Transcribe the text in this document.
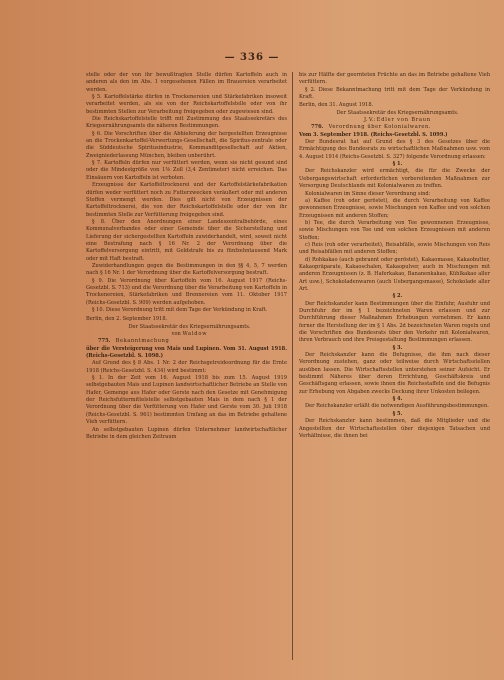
— 336 —

stelle oder der von ihr bewußtragten Stelle dürfen Kartoffeln auch in anderen als den im Abs. 1 vorgesehenen Fällen im Brauereien verarbeitet werden.

§ 5. Kartoffelstärke dürfen in Trockenereien und Stärkefabriken insoweit verarbeitet werden, als sie von der Reichskartoffelstelle oder von ihr bestimmten Stellen zur Verarbeitung freigegeben oder zugewiesen sind.

Die Reichskartoffelstelle trifft mit Zustimmung des Staatssekretärs des Kriegsernährungsamts die näheren Bestimmungen.

§ 6. Die Vorschriften über die Abhieferung der hergestellten Erzeugnisse an die Trockenkartoffel-Verwertungs-Gesellschaft, die Spiritus-zentrale oder die Süddeutsche Spiritusindustrie, Kommanditgesellschaft auf Aktien, Zweigniederlassung München, bleiben unberührt.

§ 7. Kartoffeln dürfen nur verfüttert werden, wenn sie nicht gesund sind oder die Mindestgröße von 1⅜ Zoll (3,4 Zentimeter) nicht erreichen. Das Einsäuern von Kartoffeln ist verboten.

Erzeugnisse der Kartoffeltrocknerei und der Kartoffelstärkefabrikation dürfen weder verfüttert noch zu Futterzwecken veräußert oder mit anderen Stoffen vermengt werden. Dies gilt nicht von Erzeugnissen der Kartoffeltrocknerei, die von der Reichskartoffelstelle oder der von ihr bestimmten Stelle zur Verfütterung freigegeben sind.

§ 8. Über den Anordnungen einer Landeszentralbehörde, eines Kommunalverbandes oder einer Gemeinde über die Sicherstellung und Lieferung der sichergestellten Kartoffeln zuwiderhandelt, wird, soweit nicht eine Bestrafung nach § 16 Nr. 2 der Verordnung über die Kartoffelversorgung eintritt, mit Geldstrafe bis zu fünfzehntausend Mark oder mit Haft bestraft.

Zuwiderhandlungen gegen die Bestimmungen in den §§ 4, 5, 7 werden nach § 16 Nr. 1 der Verordnung über die Kartoffelversorgung bestraft.

§ 9. Die Verordnung über Kartoffeln vom 16. August 1917 (Reichs-Gesetzbl. S. 713) und die Verordnung über die Verarbeitung von Kartoffeln in Trockenereien, Stärkefabriken und Brennereien vom 11. Oktober 1917 (Reichs-Gesetzbl. S. 909) werden aufgehoben.

§ 10. Diese Verordnung tritt mit dem Tage der Verkündung in Kraft.

Berlin, den 2. September 1918.

Der Staatssekretär des Kriegsernährungsamts.

von Waldow

775. Bekanntmachung

über die Versteigerung von Mais und Lupinen. Vom 31. August 1918. (Reichs-Gesetzbl. S. 1098.)

Auf Grund des § 8 Abs. 1 Nr. 2 der Reichsgetreideordnung für die Ernte 1918 (Reichs-Gesetzbl. S. 434) wird bestimmt:

§ 1. In der Zeit vom 16. August 1918 bis zum 15. August 1919 selbstgebauten Mais und Lupinen landwirtschaftlicher Betriebe an Stelle von Hafer, Gemenge aus Hafer oder Gerste nach den Gesetze mit Genehmigung der Reichsfuttermittelstelle selbstgebauten Mais in dem nach § 1 der Verordnung über die Verfütterung von Hafer und Gerste vom 30. Juli 1918 (Reichs-Gesetzbl. S. 961) bestimmten Umfang an das im Betriebe gehaltene Vieh verfüttern.

An selbstgebauten Lupinen dürfen Unternehmer landwirtschaftlicher Betriebe in dem gleichen Zeitraum

bis zur Hälfte der geernteten Früchte an das im Betriebe gehaltene Vieh verfüttern.

§ 2. Diese Bekanntmachung tritt mit dem Tage der Verkündung in Kraft.

Berlin, den 31. August 1918.

Der Staatssekretär des Kriegsernährungsamts.

J. V.: Edler von Braun

776. Verordnung über Kolonialwaren.

Vom 3. September 1918. (Reichs-Gesetzbl. S. 1099.)

Der Bundesrat hat auf Grund des § 3 des Gesetzes über die Ermächtigung des Bundesrats zu wirtschaftlichen Maßnahmen usw. vom 4. August 1914 (Reichs-Gesetzbl. S. 327) folgende Verordnung erlassen:

§ 1.

Der Reichskanzler wird ermächtigt, die für die Zwecke der Uebergangswirtschaft erforderlichen vorbereitenden Maßnahmen zur Versorgung Deutschlands mit Kolonialwaren zu treffen.

Kolonialwaren im Sinne dieser Verordnung sind:

a) Kaffee (roh oder geröstet), die durch Verarbeitung von Kaffee gewonnenen Erzeugnisse, sowie Mischungen von Kaffee und von solchen Erzeugnissen mit anderen Stoffen;

b) Tee, die durch Verarbeitung von Tee gewonnenen Erzeugnisse, sowie Mischungen von Tee und von solchen Erzeugnissen mit anderen Stoffen;

c) Reis (roh oder verarbeitet), Reisabfälle, sowie Mischungen von Reis und Reisabfällen mit anderen Stoffen;

d) Rohkakao (auch gebrannt oder geröstet), Kakaomasse, Kakaobutter, Kakaopräparate, Kakaoschalen, Kakaopulver, auch in Mischungen mit anderen Erzeugnissen (z. B. Haferkakao, Bananenkakao, Kühlkakao aller Art usw.), Schokoladenwaren (auch Uebergangsmasse), Schokolade aller Art.

§ 2.

Der Reichskanzler kann Bestimmungen über die Einfuhr, Ausfuhr und Durchfuhr der im § 1 bezeichneten Waren erlassen und zur Durchführung dieser Maßnahmen Erhebungen vornehmen. Er kann ferner die Herstellung der im § 1 Abs. 2d bezeichneten Waren regeln und die Vorschriften des Bundesrats über den Verkehr mit Kolonialwaren, ihren Verbrauch und ihre Preisgestaltung Bestimmungen erlassen.

§ 3.

Der Reichskanzler kann die Befugnisse, die ihm nach dieser Verordnung zustehen, ganz oder teilweise durch Wirtschaftsstellen ausüben lassen. Die Wirtschaftsstellen unterstehen seiner Aufsicht. Er bestimmt Näheres über deren Errichtung, Geschäftskreis und Geschäftsgang erlassen, sowie ihnen die Reichsstaffeln und die Befugnis zur Erhebung von Abgaben zwecks Deckung ihrer Unkosten beilegen.

§ 4.

Der Reichskanzler erläßt die notwendigen Ausführungsbestimmungen.

§ 5.

Der Reichskanzler kann bestimmen, daß die Mitglieder und die Angestellten der Wirtschaftsstellen über diejenigen Tatsachen und Verhältnisse, die ihnen bei
